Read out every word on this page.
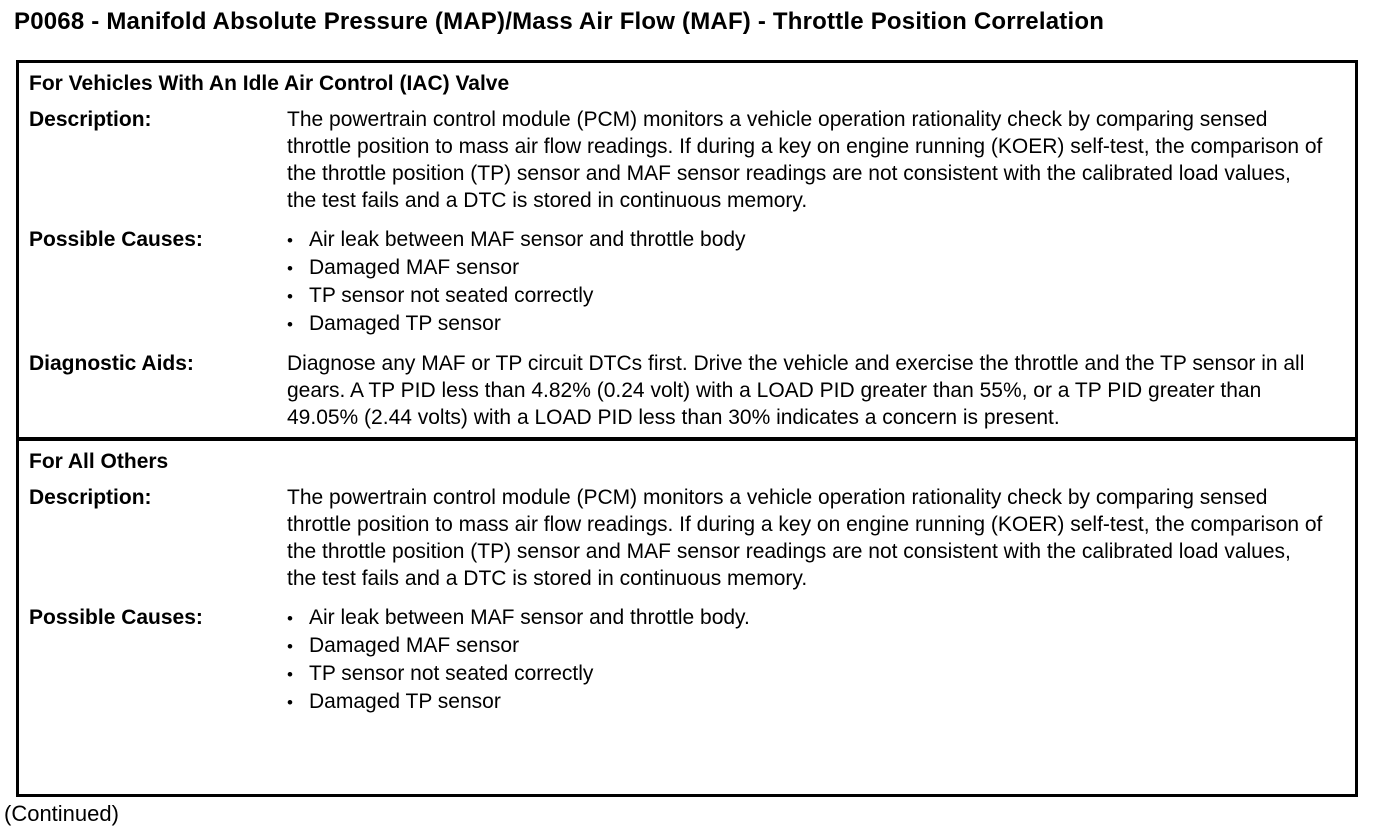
P0068 - Manifold Absolute Pressure (MAP)/Mass Air Flow (MAF) - Throttle Position Correlation
For Vehicles With An Idle Air Control (IAC) Valve
Description:	The powertrain control module (PCM) monitors a vehicle operation rationality check by comparing sensed throttle position to mass air flow readings. If during a key on engine running (KOER) self-test, the comparison of the throttle position (TP) sensor and MAF sensor readings are not consistent with the calibrated load values, the test fails and a DTC is stored in continuous memory.
Possible Causes:	• Air leak between MAF sensor and throttle body
• Damaged MAF sensor
• TP sensor not seated correctly
• Damaged TP sensor
Diagnostic Aids:	Diagnose any MAF or TP circuit DTCs first. Drive the vehicle and exercise the throttle and the TP sensor in all gears. A TP PID less than 4.82% (0.24 volt) with a LOAD PID greater than 55%, or a TP PID greater than 49.05% (2.44 volts) with a LOAD PID less than 30% indicates a concern is present.
For All Others
Description:	The powertrain control module (PCM) monitors a vehicle operation rationality check by comparing sensed throttle position to mass air flow readings. If during a key on engine running (KOER) self-test, the comparison of the throttle position (TP) sensor and MAF sensor readings are not consistent with the calibrated load values, the test fails and a DTC is stored in continuous memory.
Possible Causes:	• Air leak between MAF sensor and throttle body.
• Damaged MAF sensor
• TP sensor not seated correctly
• Damaged TP sensor
(Continued)
